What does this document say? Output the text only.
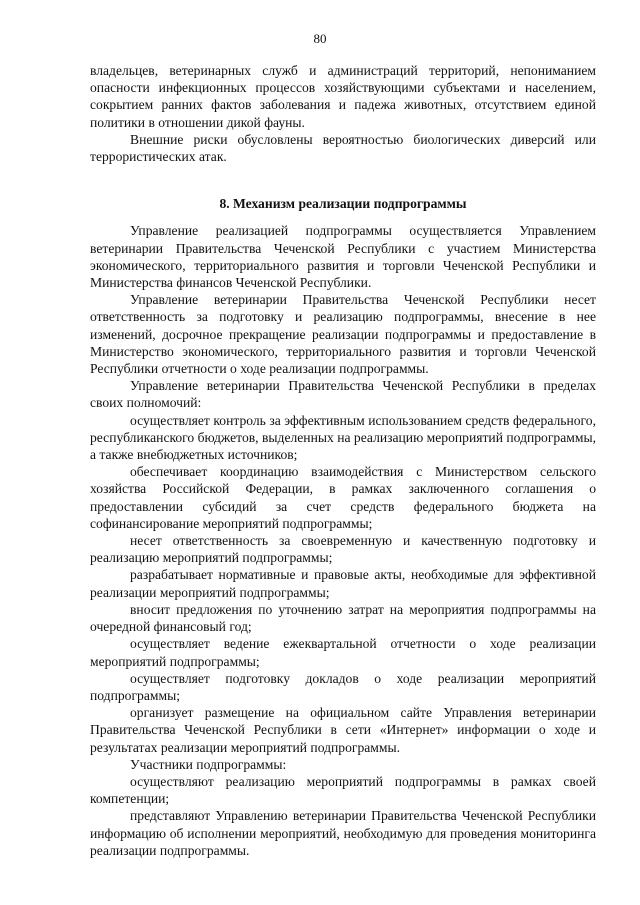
80

владельцев, ветеринарных служб и администраций территорий, непониманием опасности инфекционных процессов хозяйствующими субъектами и населением, сокрытием ранних фактов заболевания и падежа животных, отсутствием единой политики в отношении дикой фауны.

Внешние риски обусловлены вероятностью биологических диверсий или террористических атак.

8. Механизм реализации подпрограммы

Управление реализацией подпрограммы осуществляется Управлением ветеринарии Правительства Чеченской Республики с участием Министерства экономического, территориального развития и торговли Чеченской Республики и Министерства финансов Чеченской Республики.

Управление ветеринарии Правительства Чеченской Республики несет ответственность за подготовку и реализацию подпрограммы, внесение в нее изменений, досрочное прекращение реализации подпрограммы и предоставление в Министерство экономического, территориального развития и торговли Чеченской Республики отчетности о ходе реализации подпрограммы.

Управление ветеринарии Правительства Чеченской Республики в пределах своих полномочий:

осуществляет контроль за эффективным использованием средств федерального, республиканского бюджетов, выделенных на реализацию мероприятий подпрограммы, а также внебюджетных источников;

обеспечивает координацию взаимодействия с Министерством сельского хозяйства Российской Федерации, в рамках заключенного соглашения о предоставлении субсидий за счет средств федерального бюджета на софинансирование мероприятий подпрограммы;

несет ответственность за своевременную и качественную подготовку и реализацию мероприятий подпрограммы;

разрабатывает нормативные и правовые акты, необходимые для эффективной реализации мероприятий подпрограммы;

вносит предложения по уточнению затрат на мероприятия подпрограммы на очередной финансовый год;

осуществляет ведение ежеквартальной отчетности о ходе реализации мероприятий подпрограммы;

осуществляет подготовку докладов о ходе реализации мероприятий подпрограммы;

организует размещение на официальном сайте Управления ветеринарии Правительства Чеченской Республики в сети «Интернет» информации о ходе и результатах реализации мероприятий подпрограммы.

Участники подпрограммы:

осуществляют реализацию мероприятий подпрограммы в рамках своей компетенции;

представляют Управлению ветеринарии Правительства Чеченской Республики информацию об исполнении мероприятий, необходимую для проведения мониторинга реализации подпрограммы.
